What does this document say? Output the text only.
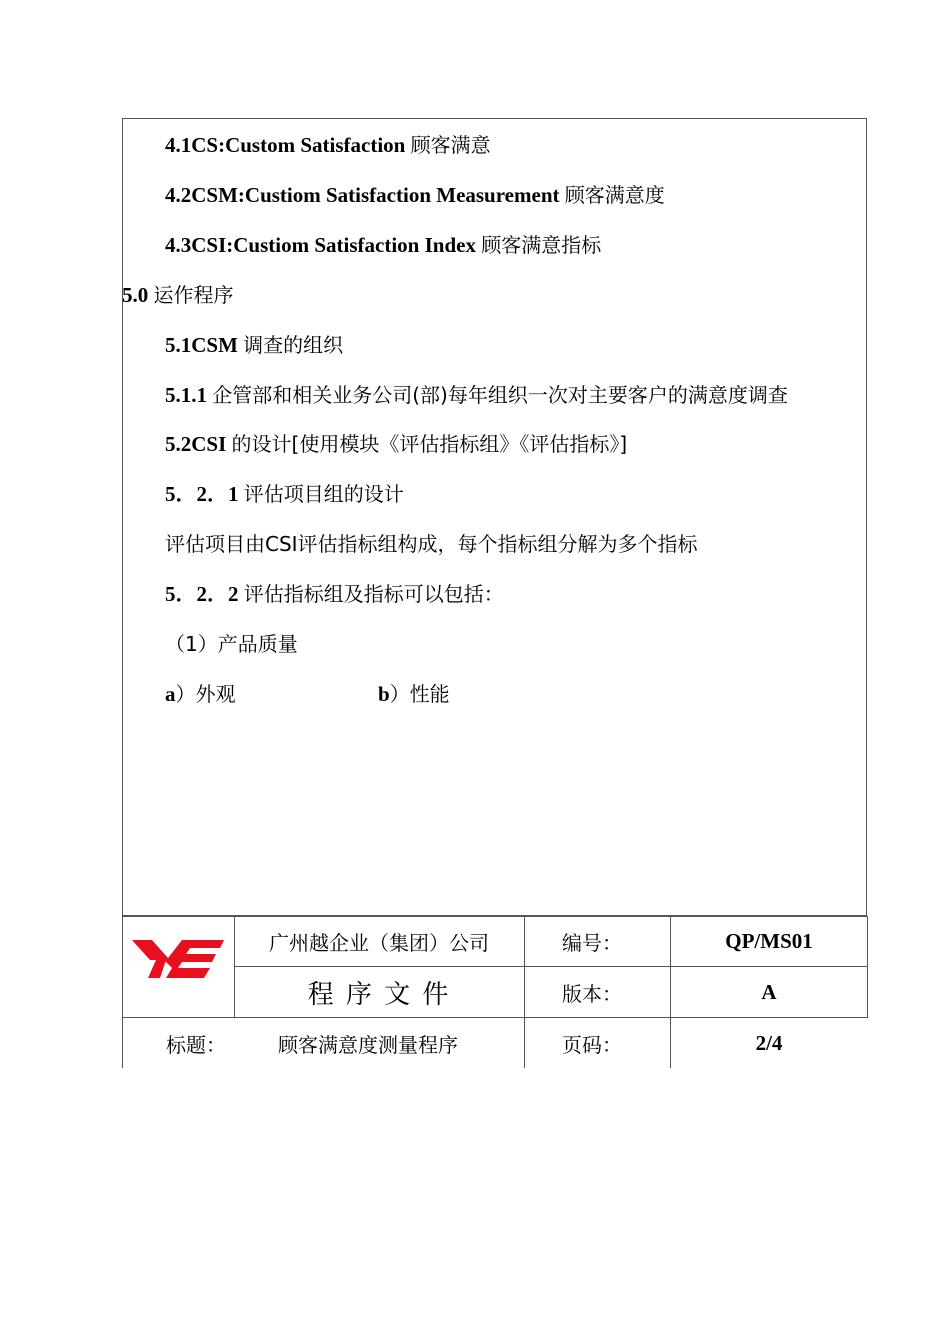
4.1CS:Custom Satisfaction 顾客满意
4.2CSM:Custiom Satisfaction Measurement 顾客满意度
4.3CSI:Custiom Satisfaction Index 顾客满意指标
5.0 运作程序
5.1CSM 调查的组织
5.1.1 企管部和相关业务公司(部)每年组织一次对主要客户的满意度调查
5.2CSI 的设计[使用模块《评估指标组》《评估指标》]
5．2．1 评估项目组的设计
评估项目由CSI评估指标组构成，每个指标组分解为多个指标
5．2．2 评估指标组及指标可以包括：
（1）产品质量
a）外观	b）性能
广州越企业（集团）公司
程 序 文 件
编号：	QP/MS01
版本：	A
标题：	顾客满意度测量程序	页码：	2/4
